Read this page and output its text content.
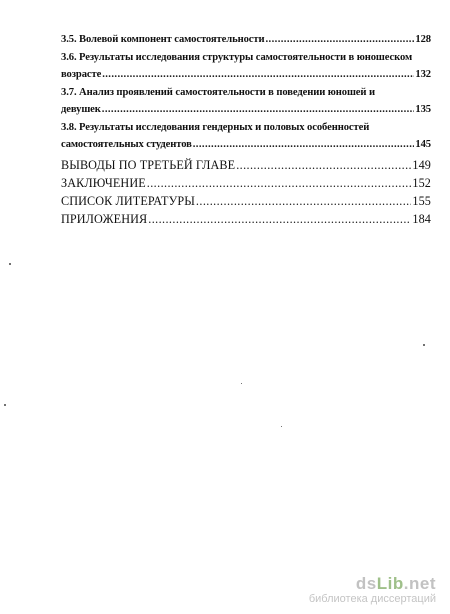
3.5. Волевой компонент самостоятельности .....	128
3.6. Результаты исследования структуры самостоятельности в юношеском
возрасте .....	132
3.7. Анализ проявлений самостоятельности в поведении юношей и
девушек .....	135
3.8. Результаты исследования гендерных и половых особенностей
самостоятельных студентов .....	145
ВЫВОДЫ ПО ТРЕТЬЕЙ ГЛАВЕ .....	149
ЗАКЛЮЧЕНИЕ .....	152
СПИСОК ЛИТЕРАТУРЫ .....	155
ПРИЛОЖЕНИЯ .....	184
dsLib.net
библиотека диссертаций
